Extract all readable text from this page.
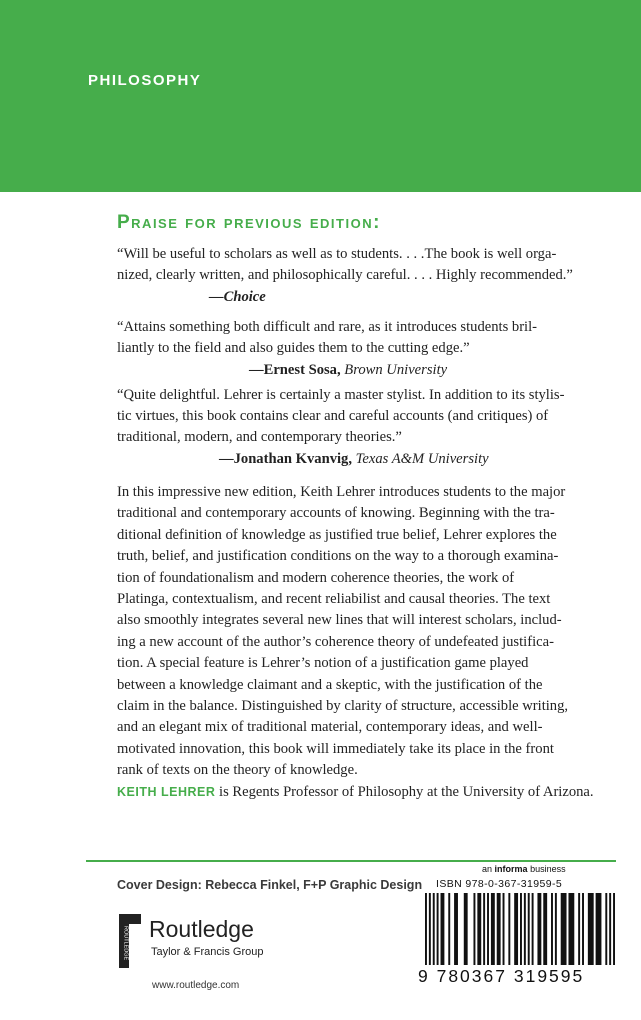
PHILOSOPHY
Praise for previous edition:
“Will be useful to scholars as well as to students. . . .The book is well orga-
nized, clearly written, and philosophically careful. . . . Highly recommended.”
—Choice
“Attains something both difficult and rare, as it introduces students bril-
liantly to the field and also guides them to the cutting edge.”
—Ernest Sosa, Brown University
“Quite delightful. Lehrer is certainly a master stylist. In addition to its stylis-
tic virtues, this book contains clear and careful accounts (and critiques) of
traditional, modern, and contemporary theories.”
—Jonathan Kvanvig, Texas A&M University
In this impressive new edition, Keith Lehrer introduces students to the major
traditional and contemporary accounts of knowing. Beginning with the tra-
ditional definition of knowledge as justified true belief, Lehrer explores the
truth, belief, and justification conditions on the way to a thorough examina-
tion of foundationalism and modern coherence theories, the work of
Platinga, contextualism, and recent reliabilist and causal theories. The text
also smoothly integrates several new lines that will interest scholars, includ-
ing a new account of the author’s coherence theory of undefeated justifica-
tion. A special feature is Lehrer’s notion of a justification game played
between a knowledge claimant and a skeptic, with the justification of the
claim in the balance. Distinguished by clarity of structure, accessible writing,
and an elegant mix of traditional material, contemporary ideas, and well-
motivated innovation, this book will immediately take its place in the front
rank of texts on the theory of knowledge.
KEITH LEHRER is Regents Professor of Philosophy at the University of Arizona.
Cover Design: Rebecca Finkel, F+P Graphic Design
ROUTLEDGE Routledge
Taylor & Francis Group
www.routledge.com
an informa business
ISBN 978-0-367-31959-5
9 780367 319595
